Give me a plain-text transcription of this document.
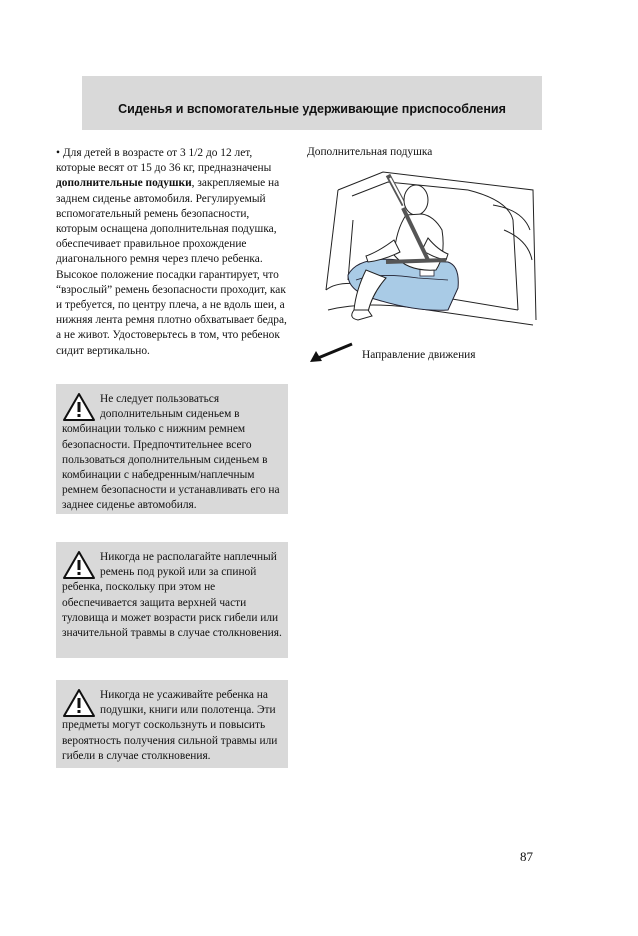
Сиденья и вспомогательные удерживающие приспособления
• Для детей в возрасте от 3 1/2 до 12 лет, которые весят от 15 до 36 кг, предназначены дополнительные подушки, закрепляемые на заднем сиденье автомобиля. Регулируемый вспомогательный ремень безопасности, которым оснащена дополнительная подушка, обеспечивает правильное прохождение диагонального ремня через плечо ребенка. Высокое положение посадки гарантирует, что “взрослый” ремень безопасности проходит, как и требуется, по центру плеча, а не вдоль шеи, а нижняя лента ремня плотно обхватывает бедра, а не живот. Удостоверьтесь в том, что ребенок сидит вертикально.
Не следует пользоваться дополнительным сиденьем в комбинации только с нижним ремнем безопасности. Предпочтительнее всего пользоваться дополнительным сиденьем в комбинации с набедренным/наплечным ремнем безопасности и устанавливать его на заднее сиденье автомобиля.
Никогда не располагайте наплечный ремень под рукой или за спиной ребенка, поскольку при этом не обеспечивается защита верхней части туловища и может возрасти риск гибели или значительной травмы в случае столкновения.
Никогда не усаживайте ребенка на подушки, книги или полотенца. Эти предметы могут соскользнуть и повысить вероятность получения сильной травмы или гибели в случае столкновения.
Дополнительная подушка
Направление движения
87
